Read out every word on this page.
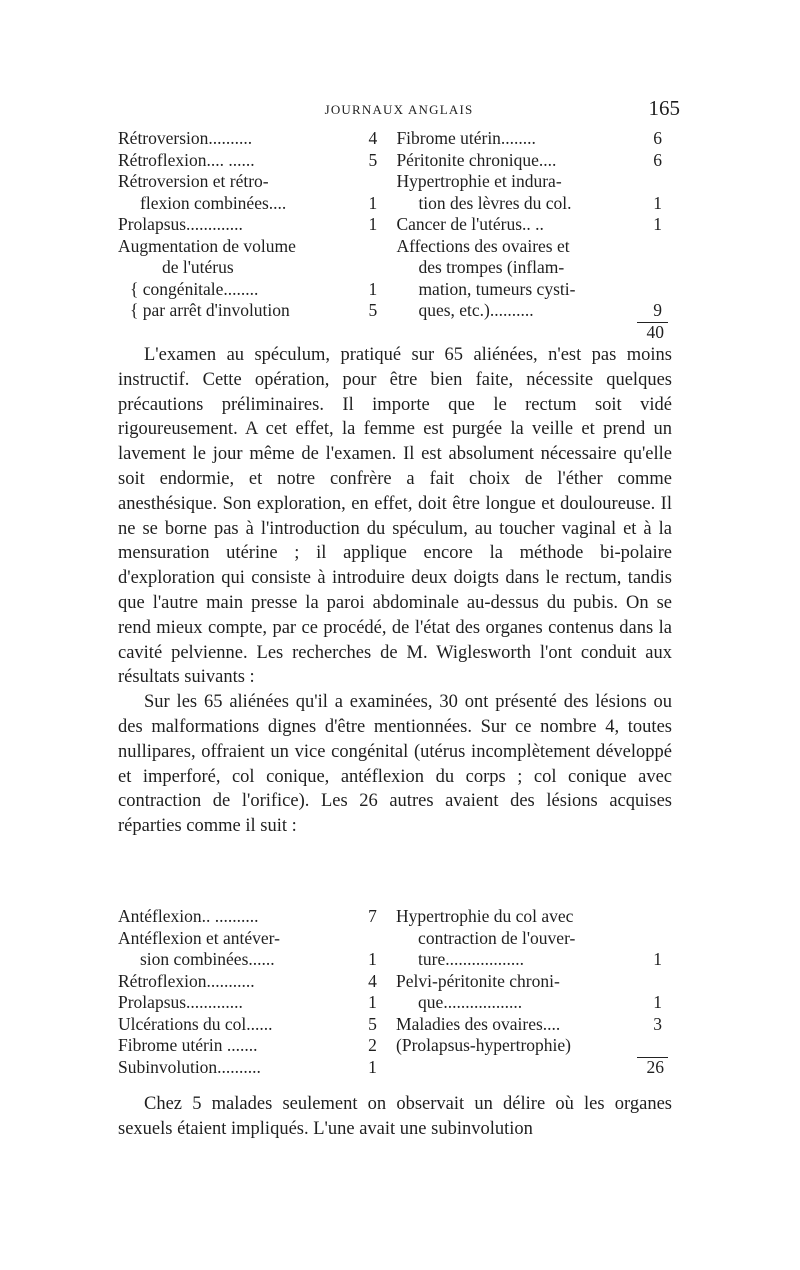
JOURNAUX ANGLAIS	165
Rétroversion..........	4		Fibrome utérin........	6
Rétroflexion.... ......	5		Péritonite chronique....	6
Rétroversion et rétro-			Hypertrophie et indura-	
flexion combinées....	1		tion des lèvres du col.	1
Prolapsus.............	1		Cancer de l'utérus.. ..	1
Augmentation de volume			Affections des ovaires et	
de l'utérus			des trompes (inflam-	
{ congénitale........	1		mation, tumeurs cysti-	
{ par arrêt d'involution	5		ques, etc.)..........	9
				40

L'examen au spéculum, pratiqué sur 65 aliénées, n'est pas moins instructif. Cette opération, pour être bien faite, nécessite quelques précautions préliminaires. Il importe que le rectum soit vidé rigoureusement. A cet effet, la femme est purgée la veille et prend un lavement le jour même de l'examen. Il est absolument nécessaire qu'elle soit endormie, et notre confrère a fait choix de l'éther comme anesthésique. Son exploration, en effet, doit être longue et douloureuse. Il ne se borne pas à l'introduction du spéculum, au toucher vaginal et à la mensuration utérine ; il applique encore la méthode bi-polaire d'exploration qui consiste à introduire deux doigts dans le rectum, tandis que l'autre main presse la paroi abdominale au-dessus du pubis. On se rend mieux compte, par ce procédé, de l'état des organes contenus dans la cavité pelvienne. Les recherches de M. Wiglesworth l'ont conduit aux résultats suivants :

Sur les 65 aliénées qu'il a examinées, 30 ont présenté des lésions ou des malformations dignes d'être mentionnées. Sur ce nombre 4, toutes nullipares, offraient un vice congénital (utérus incomplètement développé et imperforé, col conique, antéflexion du corps ; col conique avec contraction de l'orifice). Les 26 autres avaient des lésions acquises réparties comme il suit :

Antéflexion.. ..........	7		Hypertrophie du col avec	
Antéflexion et antéver-			contraction de l'ouver-	
sion combinées......	1		ture..................	1
Rétroflexion...........	4		Pelvi-péritonite chroni-	
Prolapsus.............	1		que..................	1
Ulcérations du col......	5		Maladies des ovaires....	3
Fibrome utérin .......	2		(Prolapsus-hypertrophie)	
Subinvolution..........	1			26

Chez 5 malades seulement on observait un délire où les organes sexuels étaient impliqués. L'une avait une subinvolution
